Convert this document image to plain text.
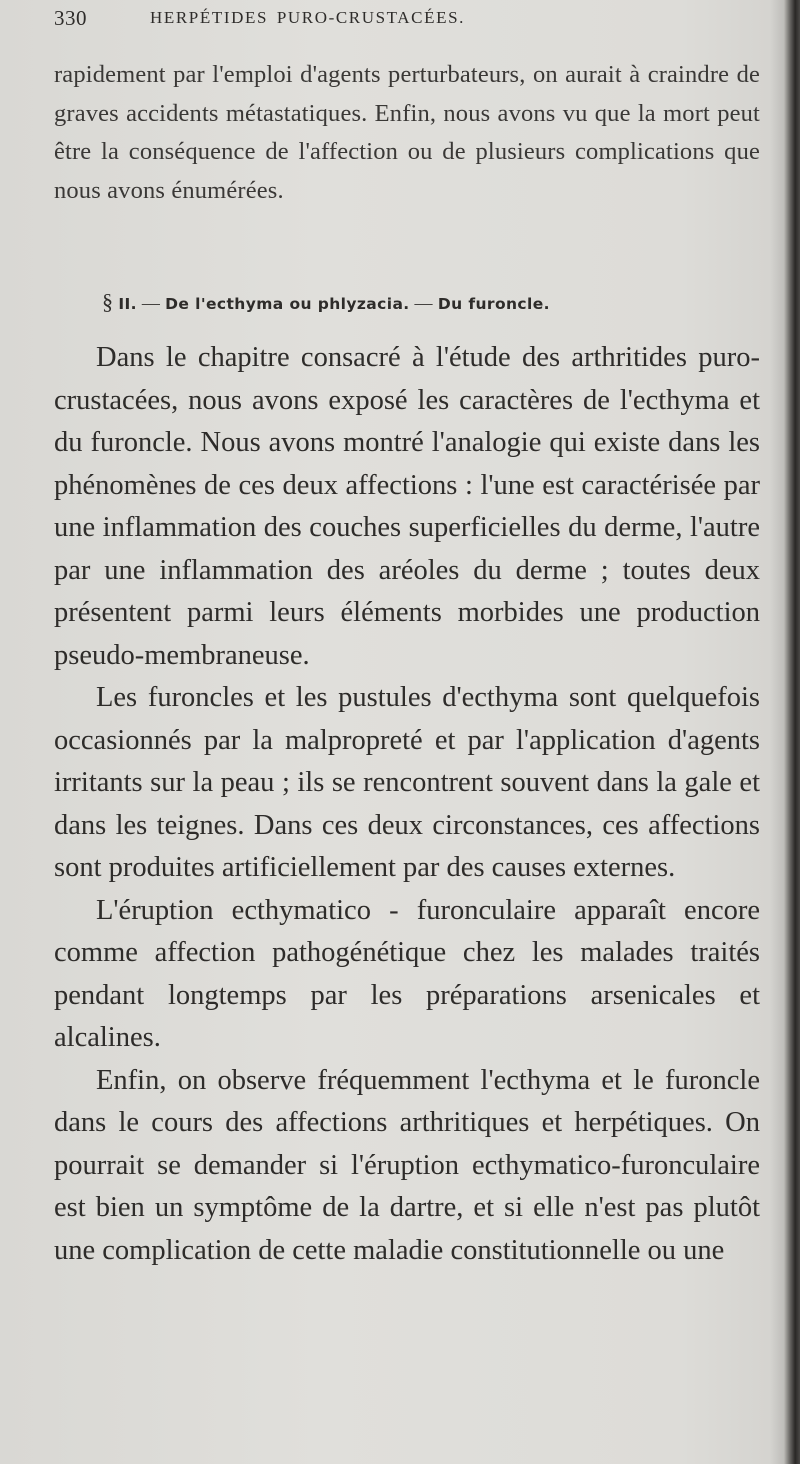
330	HERPÉTIDES PURO-CRUSTACÉES.

rapidement par l'emploi d'agents perturbateurs, on aurait à craindre de graves accidents métastatiques. Enfin, nous avons vu que la mort peut être la conséquence de l'affection ou de plusieurs complications que nous avons énumérées.

§ II. — De l'ecthyma ou phlyzacia. — Du furoncle.

Dans le chapitre consacré à l'étude des arthritides puro-crustacées, nous avons exposé les caractères de l'ecthyma et du furoncle. Nous avons montré l'analogie qui existe dans les phénomènes de ces deux affections : l'une est caractérisée par une inflammation des couches superficielles du derme, l'autre par une inflammation des aréoles du derme ; toutes deux présentent parmi leurs éléments morbides une production pseudo-membraneuse.

Les furoncles et les pustules d'ecthyma sont quelquefois occasionnés par la malpropreté et par l'application d'agents irritants sur la peau ; ils se rencontrent souvent dans la gale et dans les teignes. Dans ces deux circonstances, ces affections sont produites artificiellement par des causes externes.

L'éruption ecthymatico - furonculaire apparaît encore comme affection pathogénétique chez les malades traités pendant longtemps par les préparations arsenicales et alcalines.

Enfin, on observe fréquemment l'ecthyma et le furoncle dans le cours des affections arthritiques et herpétiques. On pourrait se demander si l'éruption ecthymatico-furonculaire est bien un symptôme de la dartre, et si elle n'est pas plutôt une complication de cette maladie constitutionnelle ou une
